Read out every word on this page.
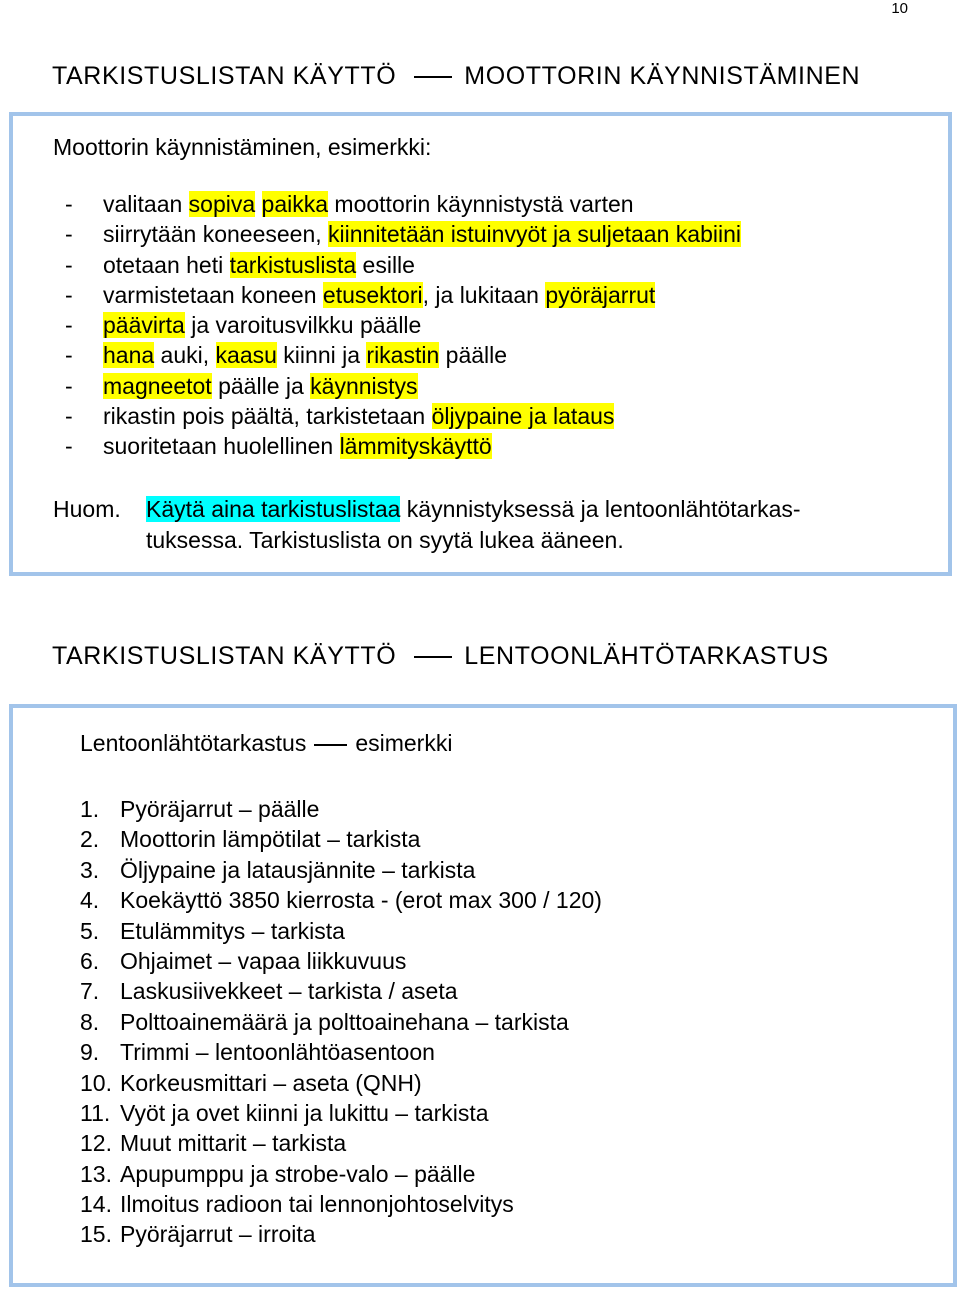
10
TARKISTUSLISTAN KÄYTTÖ	MOOTTORIN KÄYNNISTÄMINEN
Moottorin käynnistäminen, esimerkki:
- valitaan sopiva paikka moottorin käynnistystä varten
- siirrytään koneeseen, kiinnitetään istuinvyöt ja suljetaan kabiini
- otetaan heti tarkistuslista esille
- varmistetaan koneen etusektori, ja lukitaan pyöräjarrut
- päävirta ja varoitusvilkku päälle
- hana auki, kaasu kiinni ja rikastin päälle
- magneetot päälle ja käynnistys
- rikastin pois päältä, tarkistetaan öljypaine ja lataus
- suoritetaan huolellinen lämmityskäyttö
Huom. Käytä aina tarkistuslistaa käynnistyksessä ja lentoonlähtötarkas-
tuksessa. Tarkistuslista on syytä lukea ääneen.
TARKISTUSLISTAN KÄYTTÖ	LENTOONLÄHTÖTARKASTUS
Lentoonlähtötarkastus esimerkki
1. Pyöräjarrut – päälle
2. Moottorin lämpötilat – tarkista
3. Öljypaine ja latausjännite – tarkista
4. Koekäyttö 3850 kierrosta - (erot max 300 / 120)
5. Etulämmitys – tarkista
6. Ohjaimet – vapaa liikkuvuus
7. Laskusiivekkeet – tarkista / aseta
8. Polttoainemäärä ja polttoainehana – tarkista
9. Trimmi – lentoonlähtöasentoon
10. Korkeusmittari – aseta (QNH)
11. Vyöt ja ovet kiinni ja lukittu – tarkista
12. Muut mittarit – tarkista
13. Apupumppu ja strobe-valo – päälle
14. Ilmoitus radioon tai lennonjohtoselvitys
15. Pyöräjarrut – irroita
